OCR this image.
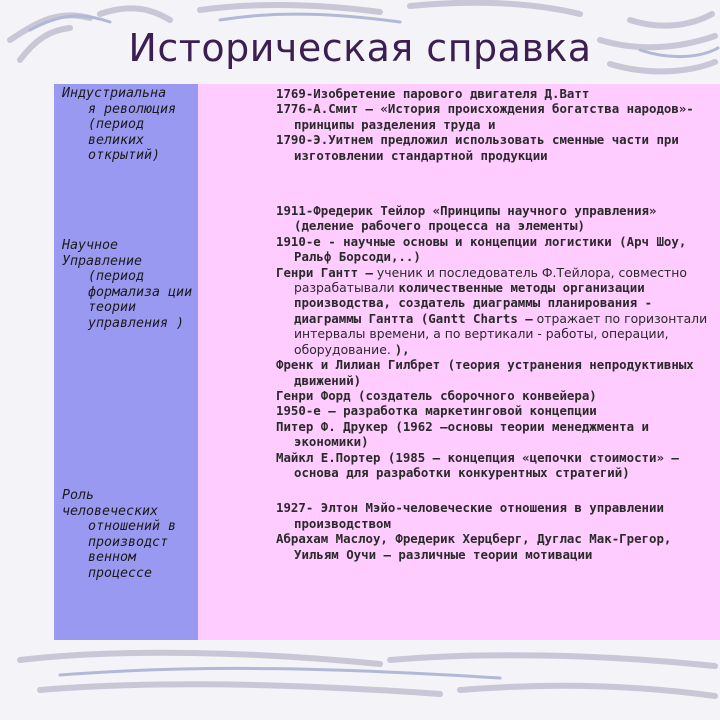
Историческая справка
Индустриальна
я революция (период великих открытий)
Научное Управление
(период формализа ции теории управления )
Роль человеческих
отношений в производст венном процессе

1769-Изобретение парового двигателя Д.Ватт

1776-А.Смит – «История происхождения богатства народов»-принципы разделения труда и

1790-Э.Уитнем предложил использовать сменные части при изготовлении стандартной продукции

1911-Фредерик Тейлор «Принципы научного управления» (деление рабочего процесса на элементы)

1910-е - научные основы и концепции логистики (Арч Шоу, Ральф Борсоди,..)

Генри Гантт – ученик и последователь Ф.Тейлора, совместно разрабатывали количественные методы организации производства, создатель диаграммы планирования - диаграммы Гантта (Gantt Charts – отражает по горизонтали интервалы времени, а по вертикали - работы, операции, оборудование. ),

Френк и Лилиан Гилбрет (теория устранения непродуктивных движений)

Генри Форд (создатель сборочного конвейера)

1950-е – разработка маркетинговой концепции

Питер Ф. Друкер (1962 –основы теории менеджмента и экономики)

Майкл Е.Портер (1985 – концепция «цепочки стоимости» – основа для разработки конкурентных стратегий)

1927- Элтон Мэйо-человеческие отношения в управлении производством

Абрахам Маслоу, Фредерик Херцберг, Дуглас Мак-Грегор, Уильям Оучи – различные теории мотивации
